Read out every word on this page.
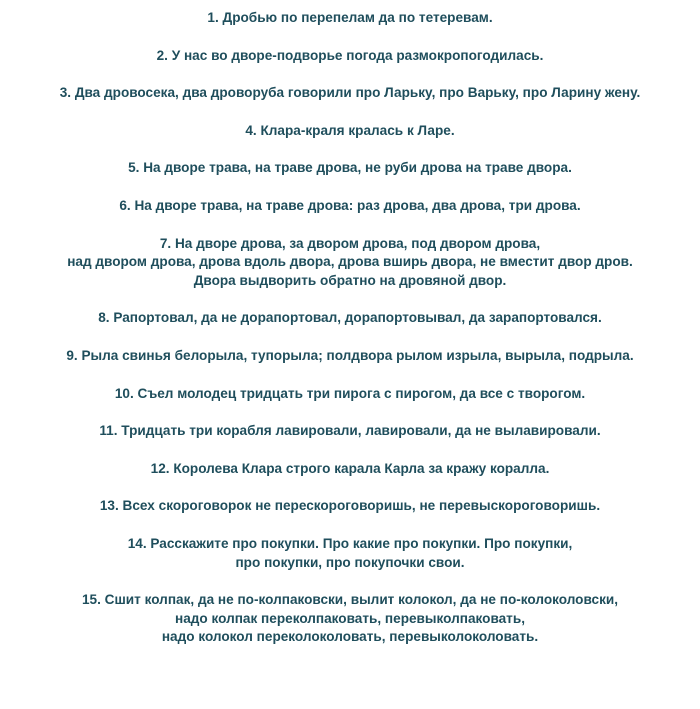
1. Дробью по перепелам да по тетеревам.
2. У нас во дворе-подворье погода размокропогодилась.
3. Два дровосека, два дроворуба говорили про Ларьку, про Варьку, про Ларину жену.
4. Клара-краля кралась к Ларе.
5. На дворе трава, на траве дрова, не руби дрова на траве двора.
6. На дворе трава, на траве дрова: раз дрова, два дрова, три дрова.
7. На дворе дрова, за двором дрова, под двором дрова,
над двором дрова, дрова вдоль двора, дрова вширь двора, не вместит двор дров.
Двора выдворить обратно на дровяной двор.
8. Рапортовал, да не дорапортовал, дорапортовывал, да зарапортовался.
9. Рыла свинья белорыла, тупорыла; полдвора рылом изрыла, вырыла, подрыла.
10. Съел молодец тридцать три пирога с пирогом, да все с творогом.
11. Тридцать три корабля лавировали, лавировали, да не вылавировали.
12. Королева Клара строго карала Карла за кражу коралла.
13. Всех скороговорок не перескороговоришь, не перевыскороговоришь.
14. Расскажите про покупки. Про какие про покупки. Про покупки,
про покупки, про покупочки свои.
15. Сшит колпак, да не по-колпаковски, вылит колокол, да не по-колоколовски,
надо колпак переколпаковать, перевыколпаковать,
надо колокол переколоколовать, перевыколоколовать.
